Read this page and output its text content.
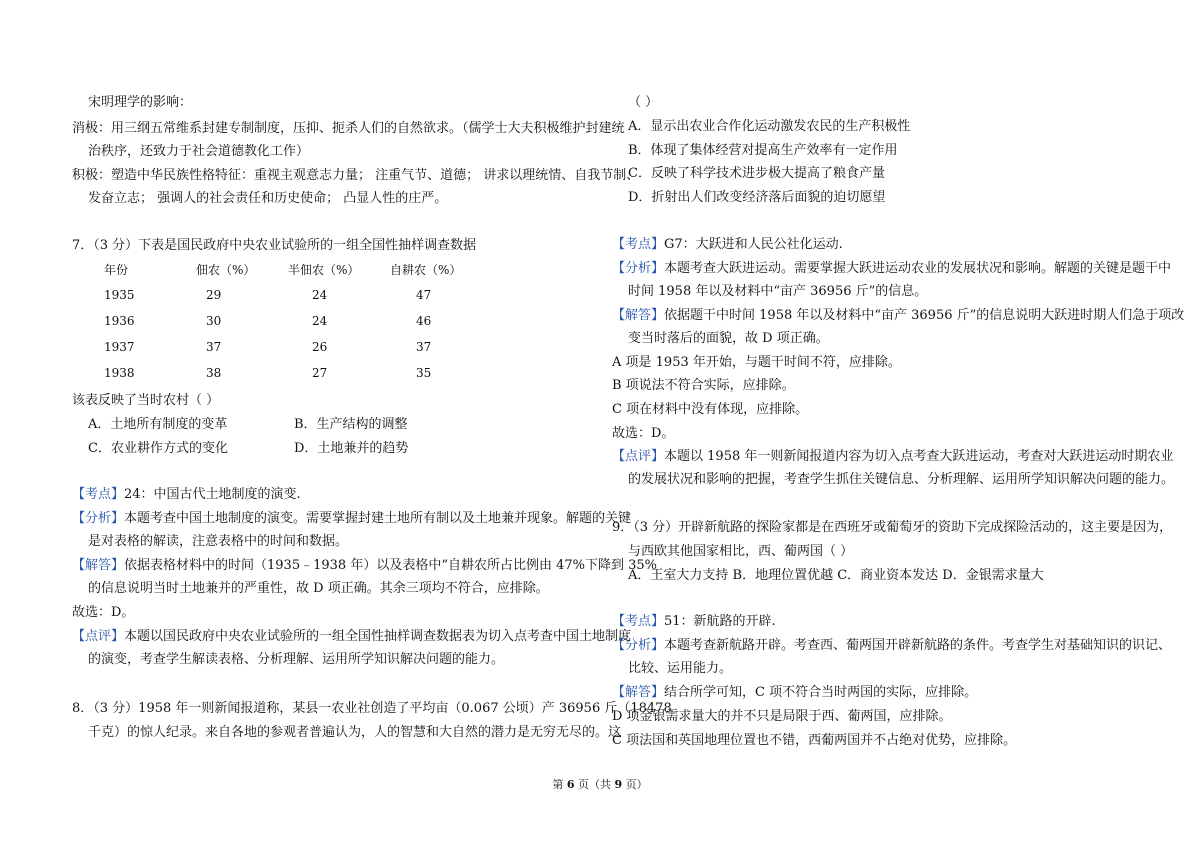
宋明理学的影响：
消极：用三纲五常维系封建专制制度，压抑、扼杀人们的自然欲求。（儒学士大夫积极维护封建统
治秩序，还致力于社会道德教化工作）
积极：塑造中华民族性格特征：重视主观意志力量； 注重气节、道德； 讲求以理统情、自我节制、
发奋立志； 强调人的社会责任和历史使命； 凸显人性的庄严。
7．（3 分）下表是国民政府中央农业试验所的一组全国性抽样调查数据
年份	佃农（%）	半佃农（%）	自耕农（%）
1935	29	24	47
1936	30	24	46
1937	37	26	37
1938	38	27	35
该表反映了当时农村（ ）
A．土地所有制度的变革	B．生产结构的调整
C．农业耕作方式的变化	D．土地兼并的趋势
【考点】24：中国古代土地制度的演变.
【分析】本题考查中国土地制度的演变。需要掌握封建土地所有制以及土地兼并现象。解题的关键
是对表格的解读，注意表格中的时间和数据。
【解答】依据表格材料中的时间（1935﹣1938 年）以及表格中“自耕农所占比例由 47%下降到 35%
的信息说明当时土地兼并的严重性，故 D 项正确。其余三项均不符合，应排除。
故选：D。
【点评】本题以国民政府中央农业试验所的一组全国性抽样调查数据表为切入点考查中国土地制度
的演变，考查学生解读表格、分析理解、运用所学知识解决问题的能力。
8．（3 分）1958 年一则新闻报道称，某县一农业社创造了平均亩（0.067 公顷）产 36956 斤（18478
千克）的惊人纪录。来自各地的参观者普遍认为，人的智慧和大自然的潜力是无穷无尽的。这
（ ）
A．显示出农业合作化运动激发农民的生产积极性
B．体现了集体经营对提高生产效率有一定作用
C．反映了科学技术进步极大提高了粮食产量
D．折射出人们改变经济落后面貌的迫切愿望
【考点】G7：大跃进和人民公社化运动.
【分析】本题考查大跃进运动。需要掌握大跃进运动农业的发展状况和影响。解题的关键是题干中
时间 1958 年以及材料中“亩产 36956 斤”的信息。
【解答】依据题干中时间 1958 年以及材料中“亩产 36956 斤”的信息说明大跃进时期人们急于项改
变当时落后的面貌，故 D 项正确。
A 项是 1953 年开始，与题干时间不符，应排除。
B 项说法不符合实际，应排除。
C 项在材料中没有体现，应排除。
故选：D。
【点评】本题以 1958 年一则新闻报道内容为切入点考查大跃进运动，考查对大跃进运动时期农业
的发展状况和影响的把握，考查学生抓住关键信息、分析理解、运用所学知识解决问题的能力。
9．（3 分）开辟新航路的探险家都是在西班牙或葡萄牙的资助下完成探险活动的，这主要是因为，
与西欧其他国家相比，西、葡两国（ ）
A．王室大力支持 B．地理位置优越 C．商业资本发达 D．金银需求量大
【考点】51：新航路的开辟.
【分析】本题考查新航路开辟。考查西、葡两国开辟新航路的条件。考查学生对基础知识的识记、
比较、运用能力。
【解答】结合所学可知，C 项不符合当时两国的实际，应排除。
D 项金银需求量大的并不只是局限于西、葡两国，应排除。
C 项法国和英国地理位置也不错，西葡两国并不占绝对优势，应排除。
第 6 页（共 9 页）
